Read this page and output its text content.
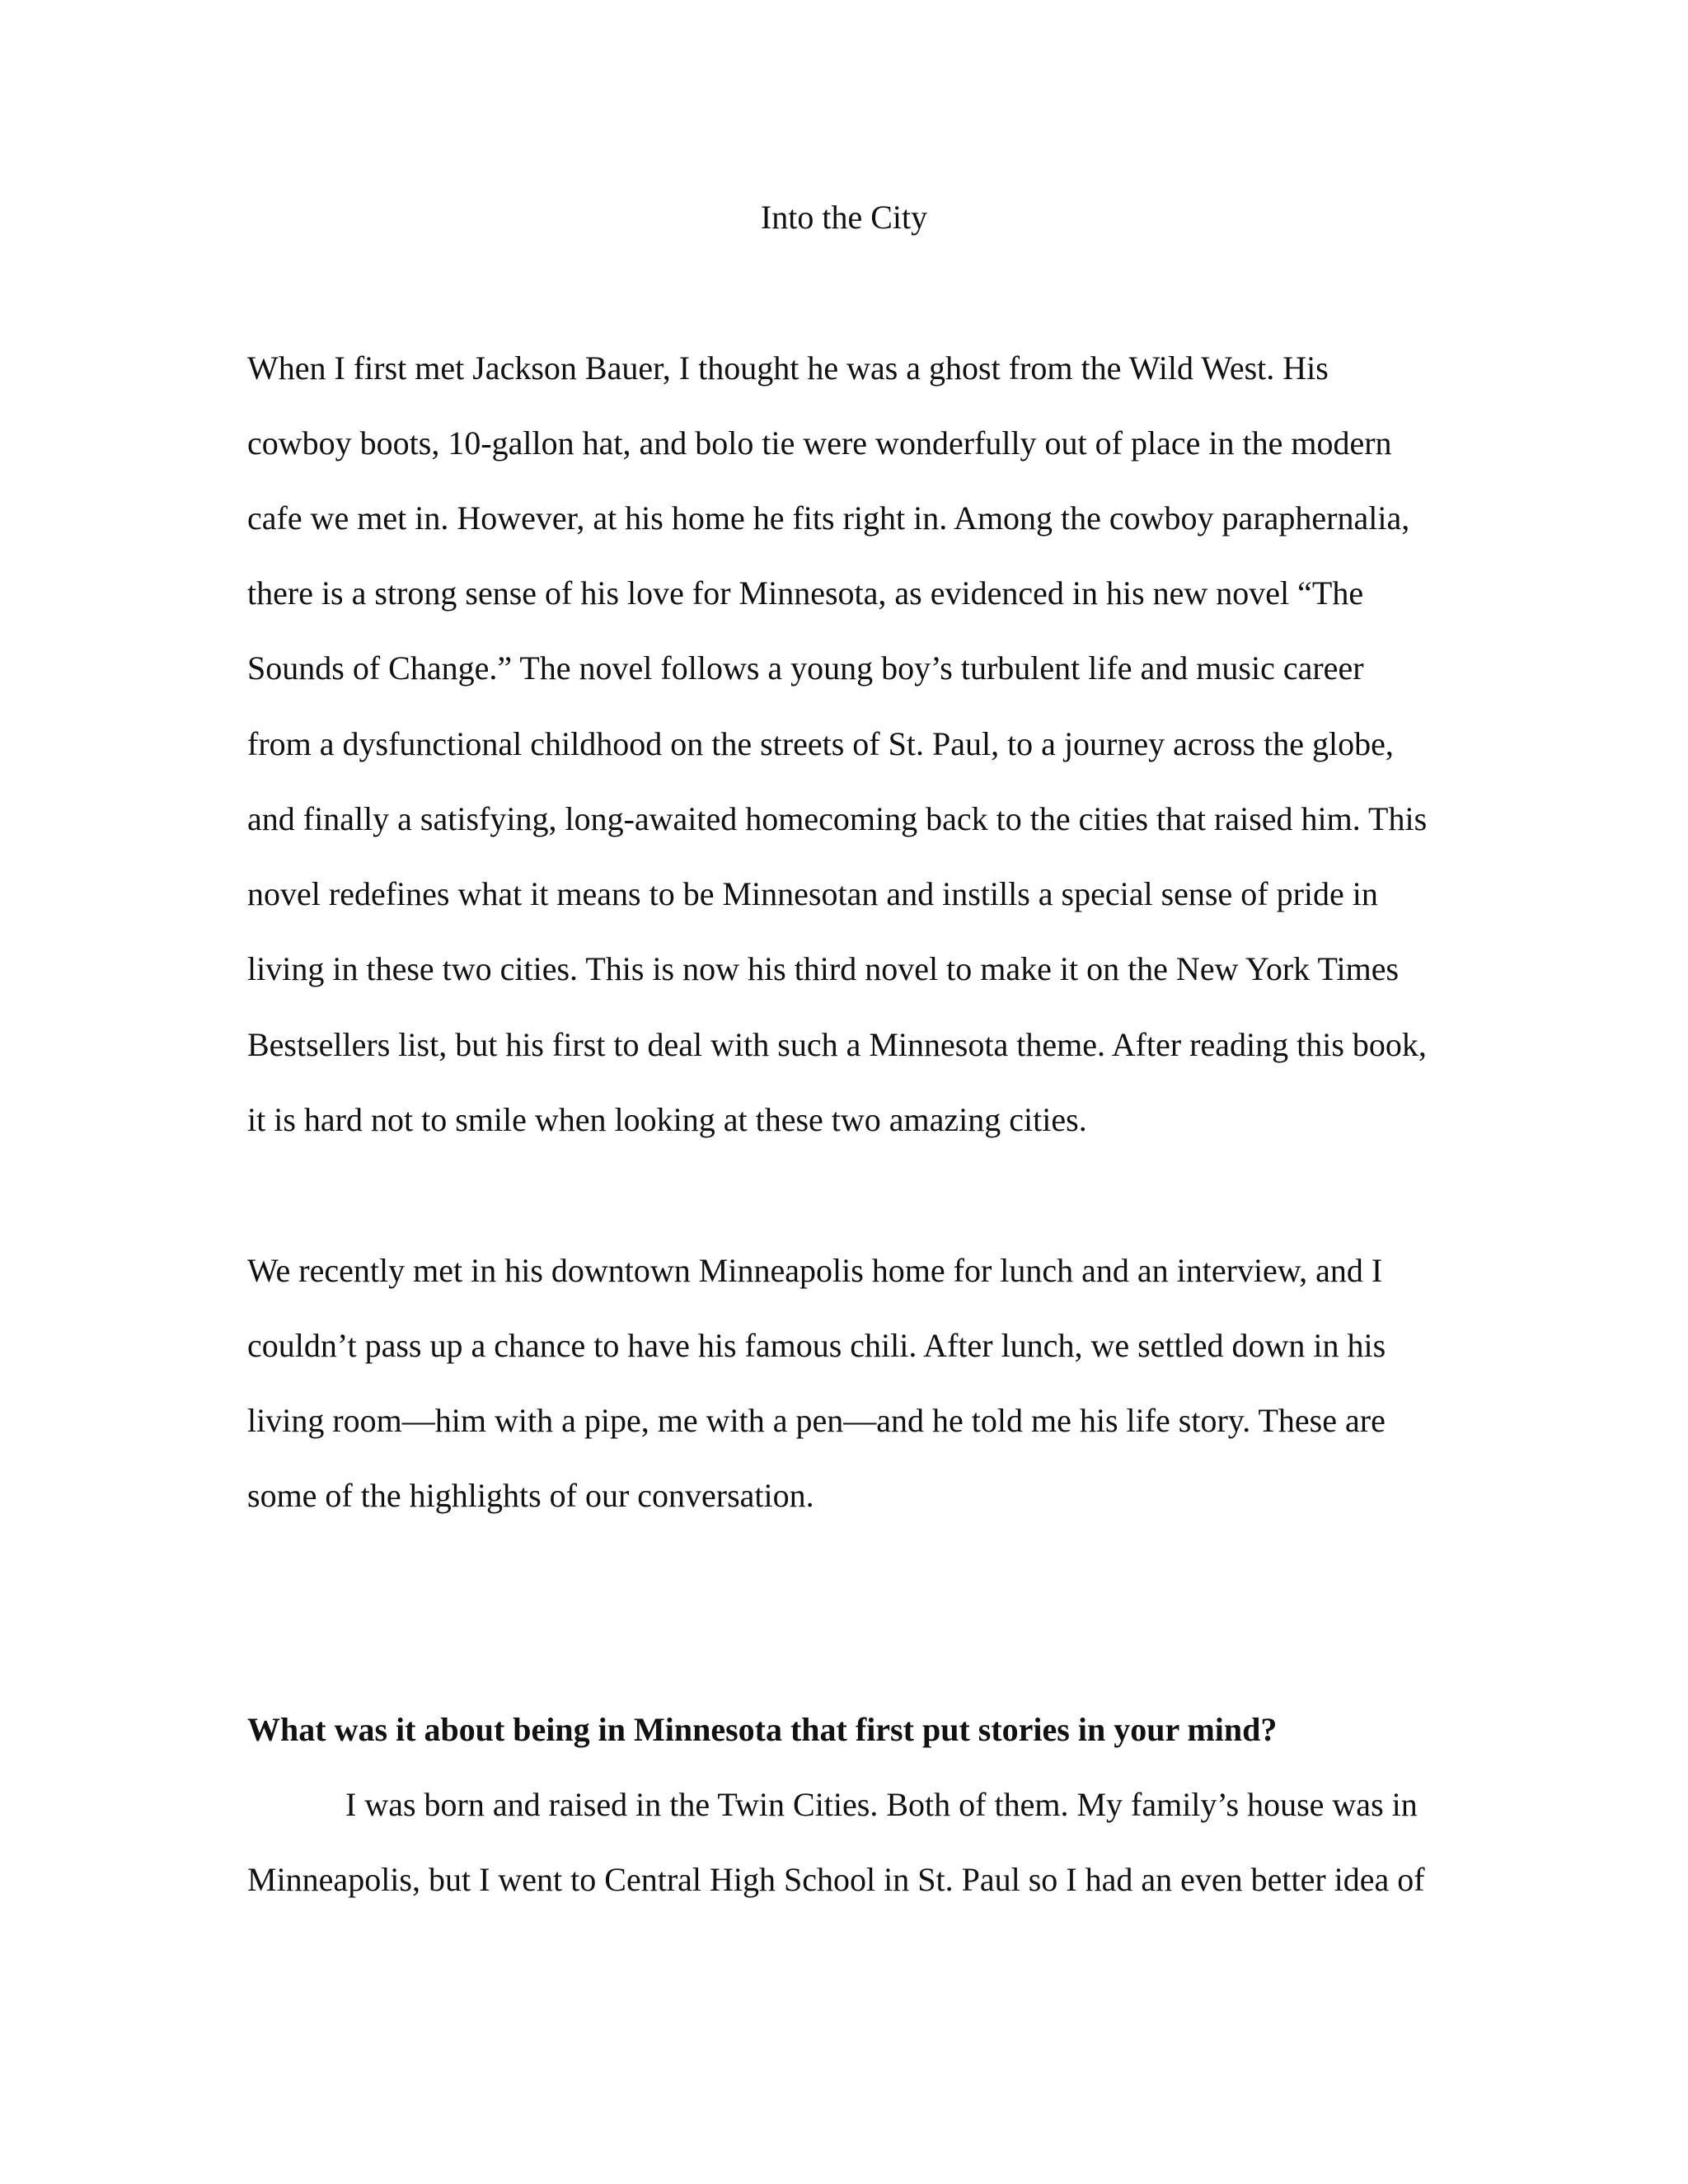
Into the City

When I first met Jackson Bauer, I thought he was a ghost from the Wild West. His

cowboy boots, 10-gallon hat, and bolo tie were wonderfully out of place in the modern

cafe we met in. However, at his home he fits right in. Among the cowboy paraphernalia,

there is a strong sense of his love for Minnesota, as evidenced in his new novel “The

Sounds of Change.” The novel follows a young boy’s turbulent life and music career

from a dysfunctional childhood on the streets of St. Paul, to a journey across the globe,

and finally a satisfying, long-awaited homecoming back to the cities that raised him. This

novel redefines what it means to be Minnesotan and instills a special sense of pride in

living in these two cities. This is now his third novel to make it on the New York Times

Bestsellers list, but his first to deal with such a Minnesota theme. After reading this book,

it is hard not to smile when looking at these two amazing cities.

We recently met in his downtown Minneapolis home for lunch and an interview, and I

couldn’t pass up a chance to have his famous chili. After lunch, we settled down in his

living room—him with a pipe, me with a pen—and he told me his life story. These are

some of the highlights of our conversation.

What was it about being in Minnesota that first put stories in your mind?

I was born and raised in the Twin Cities. Both of them. My family’s house was in

Minneapolis, but I went to Central High School in St. Paul so I had an even better idea of
